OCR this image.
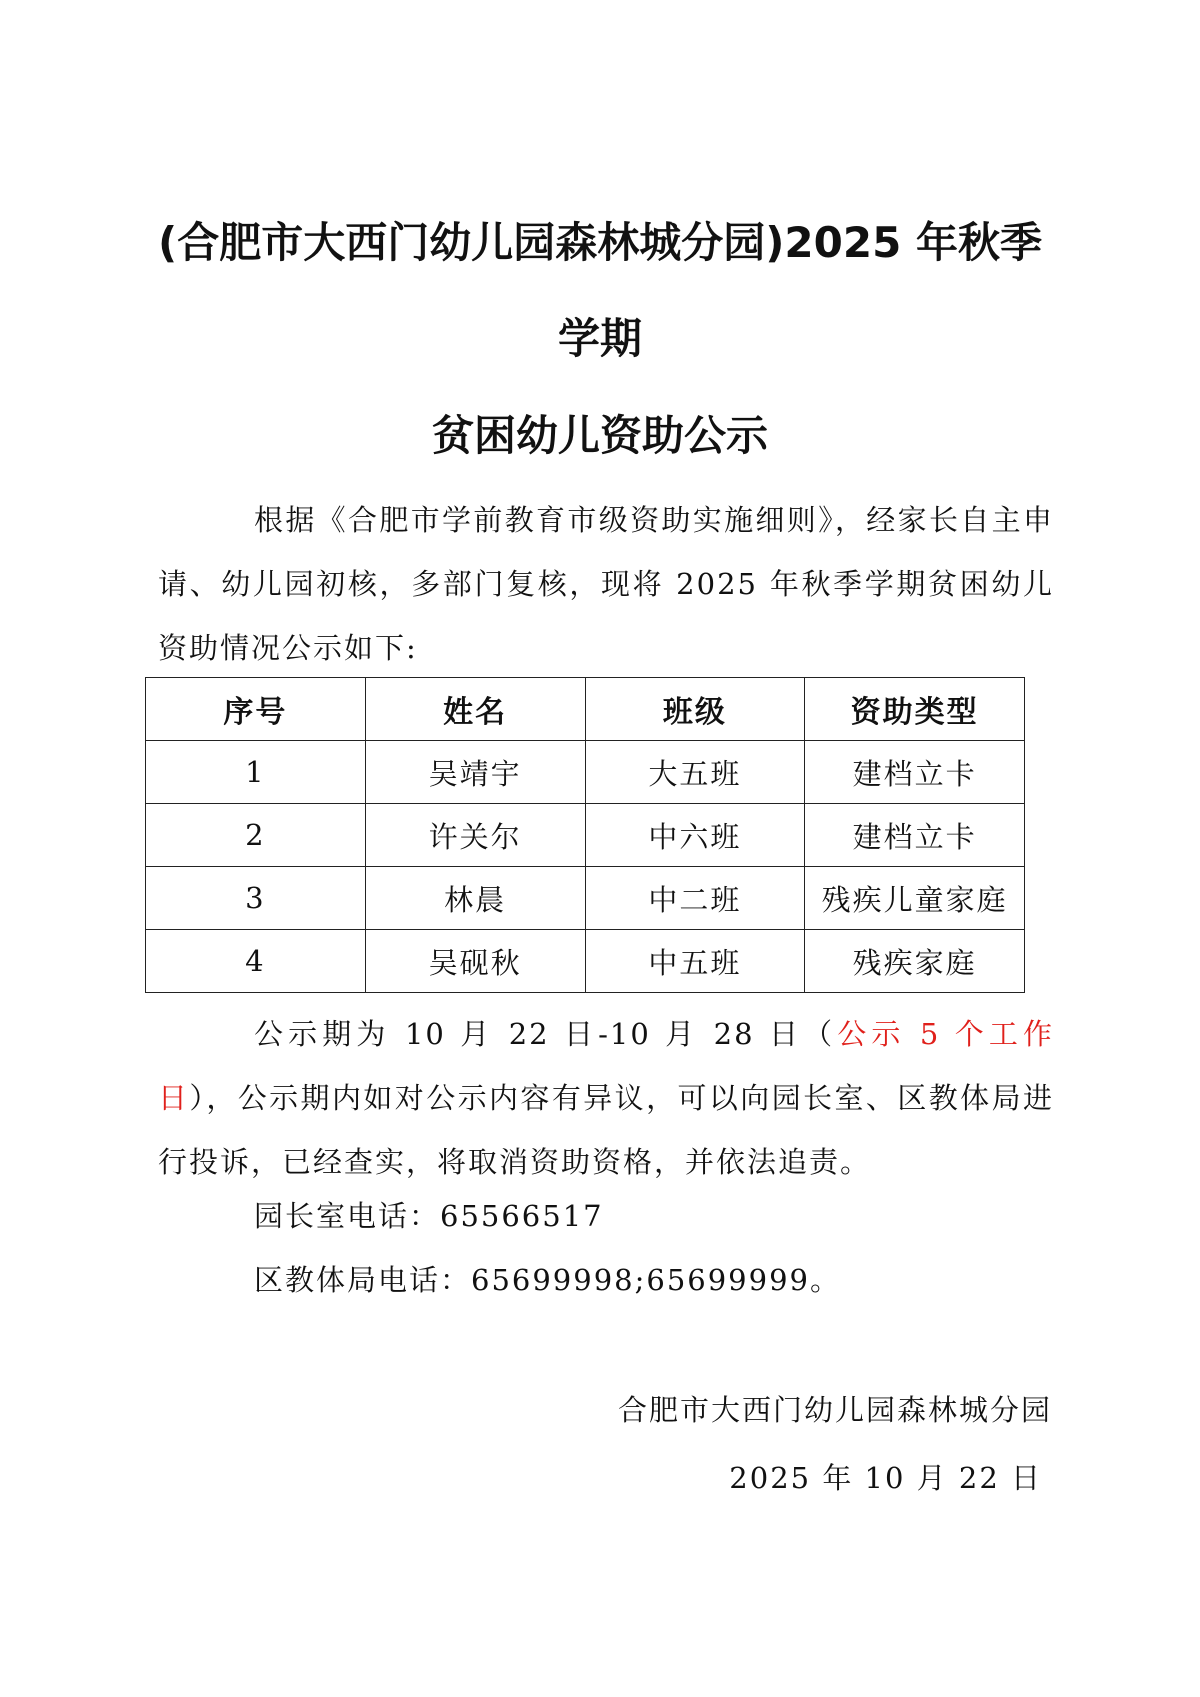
(合肥市大西门幼儿园森林城分园)2025 年秋季
学期
贫困幼儿资助公示

根据《合肥市学前教育市级资助实施细则》，经家长自主申请、幼儿园初核，多部门复核，现将 2025 年秋季学期贫困幼儿资助情况公示如下:

序号	姓名	班级	资助类型
1	吴靖宇	大五班	建档立卡
2	许关尔	中六班	建档立卡
3	林晨	中二班	残疾儿童家庭
4	吴砚秋	中五班	残疾家庭

公示期为 10 月 22 日-10 月 28 日（公示 5 个工作日），公示期内如对公示内容有异议，可以向园长室、区教体局进行投诉，已经查实，将取消资助资格，并依法追责。

园长室电话：65566517
区教体局电话：65699998;65699999。
合肥市大西门幼儿园森林城分园
2025 年 10 月 22 日
